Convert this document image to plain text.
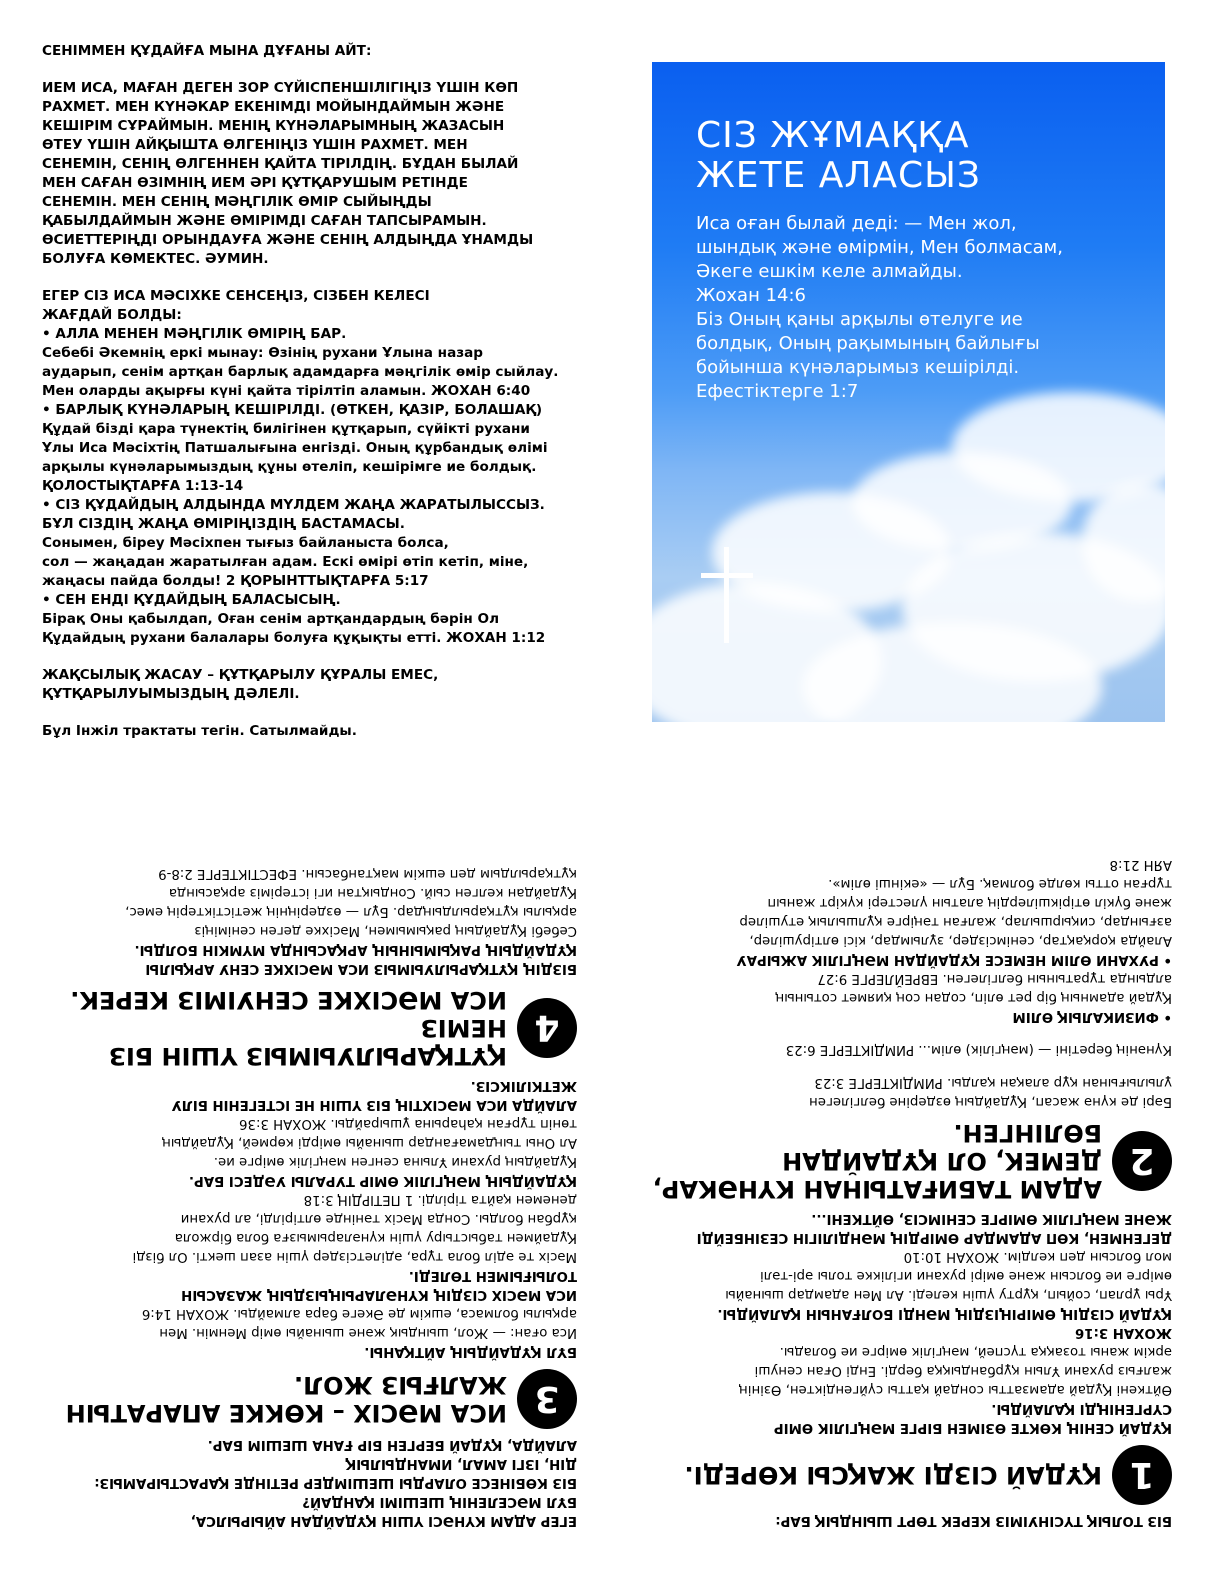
СЕНІММЕН ҚҰДАЙҒА МЫНА ДҰҒАНЫ АЙТ:

ИЕМ ИСА, МАҒАН ДЕГЕН ЗОР СҮЙІСПЕНШІЛІГІҢІЗ ҮШІН КӨП
РАХМЕТ. МЕН КҮНӘКАР ЕКЕНІМДІ МОЙЫНДАЙМЫН ЖӘНЕ
КЕШІРІМ СҰРАЙМЫН. МЕНІҢ КҮНӘЛАРЫМНЫҢ ЖАЗАСЫН
ӨТЕУ ҮШІН АЙҚЫШТА ӨЛГЕНІҢІЗ ҮШІН РАХМЕТ. МЕН
СЕНЕМІН, СЕНІҢ ӨЛГЕННЕН ҚАЙТА ТІРІЛДІҢ. БҰДАН БЫЛАЙ
МЕН САҒАН ӨЗІМНІҢ ИЕМ ӘРІ ҚҰТҚАРУШЫМ РЕТІНДЕ
СЕНЕМІН. МЕН СЕНІҢ МӘҢГІЛІК ӨМІР СЫЙЫҢДЫ
ҚАБЫЛДАЙМЫН ЖӘНЕ ӨМІРІМДІ САҒАН ТАПСЫРАМЫН.
ӨСИЕТТЕРІҢДІ ОРЫНДАУҒА ЖӘНЕ СЕНІҢ АЛДЫҢДА ҰНАМДЫ
БОЛУҒА КӨМЕКТЕС. ӘУМИН.

ЕГЕР СІЗ ИСА МӘСІХКЕ СЕНСЕҢІЗ, СІЗБЕН КЕЛЕСІ
ЖАҒДАЙ БОЛДЫ:
• АЛЛА МЕНЕН МӘҢГІЛІК ӨМІРІҢ БАР.
Себебі Әкемнің еркі мынау: Өзінің рухани Ұлына назар
аударып, сенім артқан барлық адамдарға мәңгілік өмір сыйлау.
Мен оларды ақырғы күні қайта тірілтіп аламын. ЖОХАН 6:40
• БАРЛЫҚ КҮНӘЛАРЫҢ КЕШІРІЛДІ. (ӨТКЕН, ҚАЗІР, БОЛАШАҚ)
Құдай бізді қара түнектің билігінен құтқарып, сүйікті рухани
Ұлы Иса Мәсіхтің Патшалығына енгізді. Оның құрбандық өлімі
арқылы күнәларымыздың құны өтеліп, кешірімге ие болдық.
ҚОЛОСТЫҚТАРҒА 1:13-14
• СІЗ ҚҰДАЙДЫҢ АЛДЫНДА МҮЛДЕМ ЖАҢА ЖАРАТЫЛЫССЫЗ.
БҰЛ СІЗДІҢ ЖАҢА ӨМІРІҢІЗДІҢ БАСТАМАСЫ.
Сонымен, біреу Мәсіхпен тығыз байланыста болса,
сол — жаңадан жаратылған адам. Ескі өмірі өтіп кетіп, міне,
жаңасы пайда болды! 2 ҚОРЫНТТЫҚТАРҒА 5:17
• СЕН ЕНДІ ҚҰДАЙДЫҢ БАЛАСЫСЫҢ.
Бірақ Оны қабылдап, Оған сенім артқандардың бәрін Ол
Құдайдың рухани балалары болуға құқықты етті. ЖОХАН 1:12

ЖАҚСЫЛЫҚ ЖАСАУ – ҚҰТҚАРЫЛУ ҚҰРАЛЫ ЕМЕС,
ҚҰТҚАРЫЛУЫМЫЗДЫҢ ДӘЛЕЛІ.

Бұл Інжіл трактаты тегін. Сатылмайды.

СІЗ ЖҰМАҚҚА
ЖЕТЕ АЛАСЫЗ
Иса оған былай деді: — Мен жол,
шындық және өмірмін, Мен болмасам,
Әкеге ешкім келе алмайды.
Жохан 14:6
Біз Оның қаны арқылы өтелуге ие
болдық, Оның рақымының байлығы
бойынша күнәларымыз кешірілді.
Ефестіктерге 1:7
БІЗ ТОЛЫҚ ТҮСІНУІМІЗ КЕРЕК ТӨРТ ШЫНДЫҚ БАР:
1
ҚҰДАЙ СІЗДІ ЖАҚСЫ КӨРЕДІ.
ҚҰДАЙ СЕНІҢ КӨКТЕ ӨЗІМЕН БІРГЕ МӘҢГІЛІК ӨМІР
СҮРГЕНІҢДІ ҚАЛАЙДЫ.
Өйткені Құдай адамзатты сондай қатты сүйгендіктен, Өзінің
жалғыз рухани Ұлын құрбандыққа берді. Енді Оған сенуші
әркім жаны тозаққа түспей, мәңгілік өмірге ие болады.
ЖОХАН 3:16
ҚҰДАЙ СІЗДІҢ ӨМІРІҢІЗДІҢ МӘНДІ БОЛҒАНЫН ҚАЛАЙДЫ.
Ұры ұрлап, сойып, құрту үшін келеді. Ал Мен адамдар шынайы
өмірге ие болсын және өмірі рухани игілікке толы әрі-тәлі
мол болсын деп келдім. ЖОХАН 10:10
ДЕГЕНМЕН, КӨП АДАМДАР ӨМІРДІҢ МӘНДІЛІГІН СЕЗІНБЕЙДІ
ЖӘНЕ МӘҢГІЛІК ӨМІРГЕ СЕНІМСІЗ, ӨЙТКЕНІ...
2
АДАМ ТАБИҒАТЫНАН КҮНӘКАР,
ДЕМЕК, ОЛ ҚҰДАЙДАН БӨЛІНГЕН.
Бәрі де күнә жасап, Құдайдың өздеріне белгілеген
ұлылығынан құр алақан қалды. РИМДІКТЕРГЕ 3:23
Күнәнің беретіні — (мәңгілік) өлім... РИМДІКТЕРГЕ 6:23
• ФИЗИКАЛЫҚ ӨЛІМ
Құдай адамның бір рет өліп, содан соң қиямет сотының
алдында тұратынын белгілеген. ЕВРЕЙЛЕРГЕ 9:27
• РУХАНИ ӨЛІМ НЕМЕСЕ ҚҰДАЙДАН МӘҢГІЛІК АЖЫРАУ
Алайда қорқақтар, сенімсіздер, зұлымдар, кісі өлтірушілер,
азғындар, сиқыршылар, жалған тәңірге құлшылық етушілер
және бүкіл өтірікшілердің алатын үлестері күкірт жанып
тұрған отты көлде болмақ. Бұл — «екінші өлім».
АЯН 21:8
ЕГЕР АДАМ КҮНӘСІ ҮШІН ҚҰДАЙДАН АЙЫРЫЛСА,
БҰЛ МӘСЕЛЕНІҢ ШЕШІМІ ҚАНДАЙ?
БІЗ КӨБІНЕСЕ ОЛАРДЫ ШЕШІМДЕР РЕТІНДЕ ҚАРАСТЫРАМЫЗ:
ДІН, ІЗГІ АМАЛ, ИМАНДЫЛЫҚ
АЛАЙДА, ҚҰДАЙ БЕРГЕН БІР ҒАНА ШЕШІМ БАР.
3
ИСА МӘСІХ – КӨККЕ АПАРАТЫН
ЖАЛҒЫЗ ЖОЛ.
БҰЛ ҚҰДАЙДЫҢ АЙТҚАНЫ.
Иса оған: — Жол, шындық және шынайы өмір Менмін. Мен
арқылы болмаса, ешкім де Әкеге бара алмайды. ЖОХАН 14:6
ИСА МӘСІХ СІЗДІҢ КҮНӘЛАРЫҢЫЗДЫҢ ЖАЗАСЫН
ТОЛЫҒЫМЕН ТӨЛЕДІ.
Мәсіх те әділ бола тұра, әділетсіздер үшін азап шекті. Ол бізді
Құдаймен табыстыру үшін күнәларымызға бола біржола
құрбан болды. Сонда Мәсіх тәнінде өлтірілді, ал рухани
денемен қайта тірілді. 1 ПЕТІРДІҢ 3:18
ҚҰДАЙДЫҢ МӘҢГІЛІК ӨМІР ТУРАЛЫ УӘДЕСІ БАР.
Құдайдың рухани Ұлына сенген мәңгілік өмірге ие.
Ал Оны тыңдамағандар шынайы өмірді көрмей, Құдайдың
төніп тұрған қаһарына ұшырайды. ЖОХАН 3:36
АЛАЙДА ИСА МӘСІХТІҢ БІЗ ҮШІН НЕ ІСТЕГЕНІН БІЛУ
ЖЕТКІЛІКСІЗ.
4
ҚҰТҚАРЫЛУЫМЫЗ ҮШІН БІЗ НЕМІЗ
ИСА МӘСІХКЕ СЕНУІМІЗ КЕРЕК.
БІЗДІҢ ҚҰТҚАРЫЛУЫМЫЗ ИСА МӘСІХКЕ СЕНУ АРҚЫЛЫ
ҚҰДАЙДЫҢ РАҚЫМЫНЫҢ АРҚАСЫНДА МҮМКІН БОЛДЫ.
Себебі Құдайдың рақымымен, Мәсіхке деген сеніміңіз
арқылы құтқарылдыңдар. Бұл — өздеріңнің жетістіктерің емес,
Құдайдан келген сый. Сондықтан игі істеріміз арқасында
құтқарылдым деп ешкім мақтанбасын. ЕФЕСТІКТЕРГЕ 2:8-9
